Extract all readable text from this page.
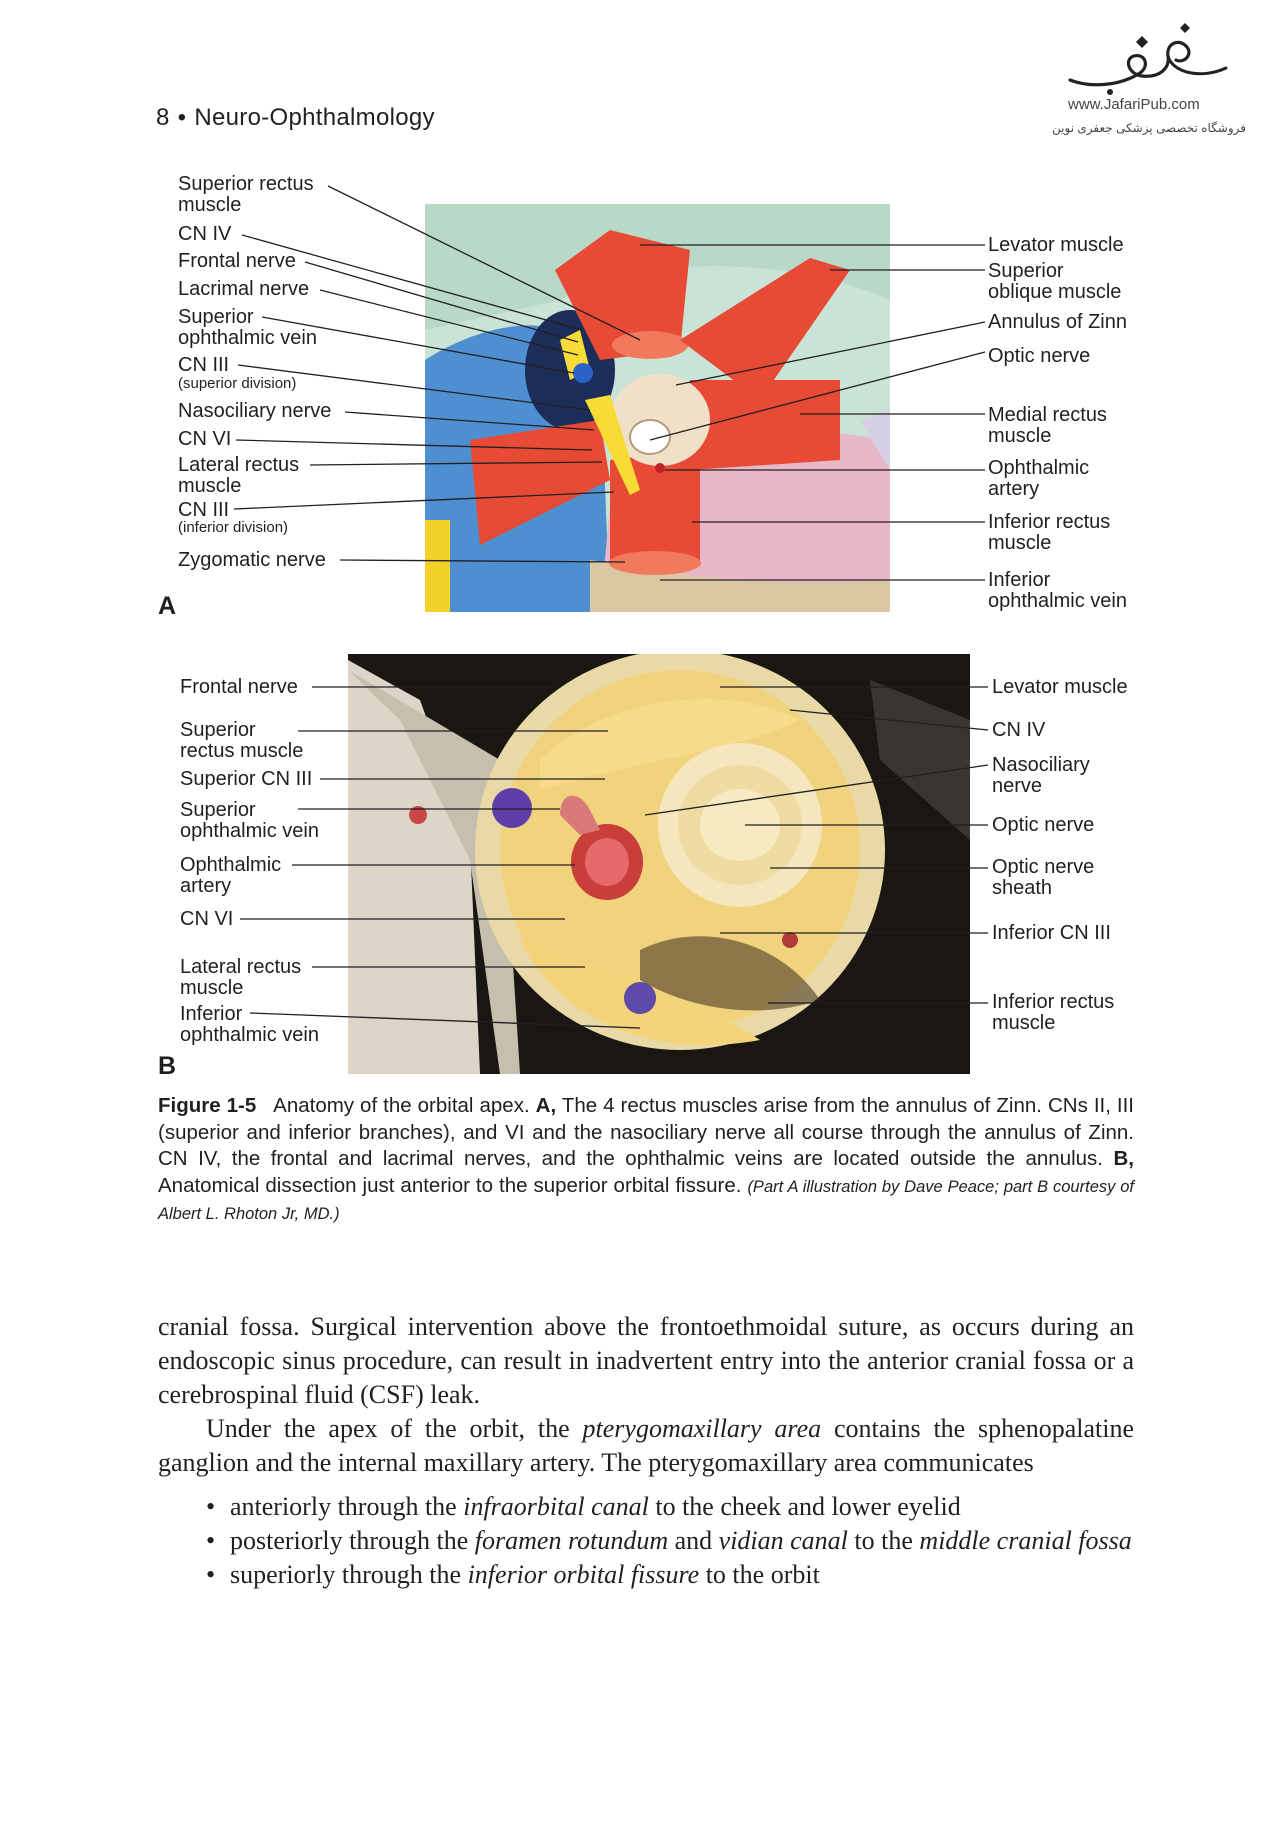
8 • Neuro-Ophthalmology	www.JafariPub.com
فروشگاه تخصصی پزشکی جعفری نوین
Superior rectus
muscle
CN IV
Frontal nerve
Lacrimal nerve
Superior
ophthalmic vein
CN III
(superior division)
Nasociliary nerve
CN VI
Lateral rectus
muscle
CN III
(inferior division)
Zygomatic nerve
A
Levator muscle
Superior
oblique muscle
Annulus of Zinn
Optic nerve
Medial rectus
muscle
Ophthalmic
artery
Inferior rectus
muscle
Inferior
ophthalmic vein
Frontal nerve
Superior
rectus muscle
Superior CN III
Superior
ophthalmic vein
Ophthalmic
artery
CN VI
Lateral rectus
muscle
Inferior
ophthalmic vein
B
Levator muscle
CN IV
Nasociliary
nerve
Optic nerve
Optic nerve
sheath
Inferior CN III
Inferior rectus
muscle
Figure 1-5 Anatomy of the orbital apex. A, The 4 rectus muscles arise from the annulus of Zinn. CNs II, III (superior and inferior branches), and VI and the nasociliary nerve all course through the annulus of Zinn. CN IV, the frontal and lacrimal nerves, and the ophthalmic veins are located outside the annulus. B, Anatomical dissection just anterior to the superior orbital fissure. (Part A illustration by Dave Peace; part B courtesy of Albert L. Rhoton Jr, MD.)

cranial fossa. Surgical intervention above the frontoethmoidal suture, as occurs during an endoscopic sinus procedure, can result in inadvertent entry into the anterior cranial fossa or a cerebrospinal fluid (CSF) leak.

Under the apex of the orbit, the pterygomaxillary area contains the sphenopalatine ganglion and the internal maxillary artery. The pterygomaxillary area communicates

• anteriorly through the infraorbital canal to the cheek and lower eyelid
• posteriorly through the foramen rotundum and vidian canal to the middle cranial fossa
• superiorly through the inferior orbital fissure to the orbit
